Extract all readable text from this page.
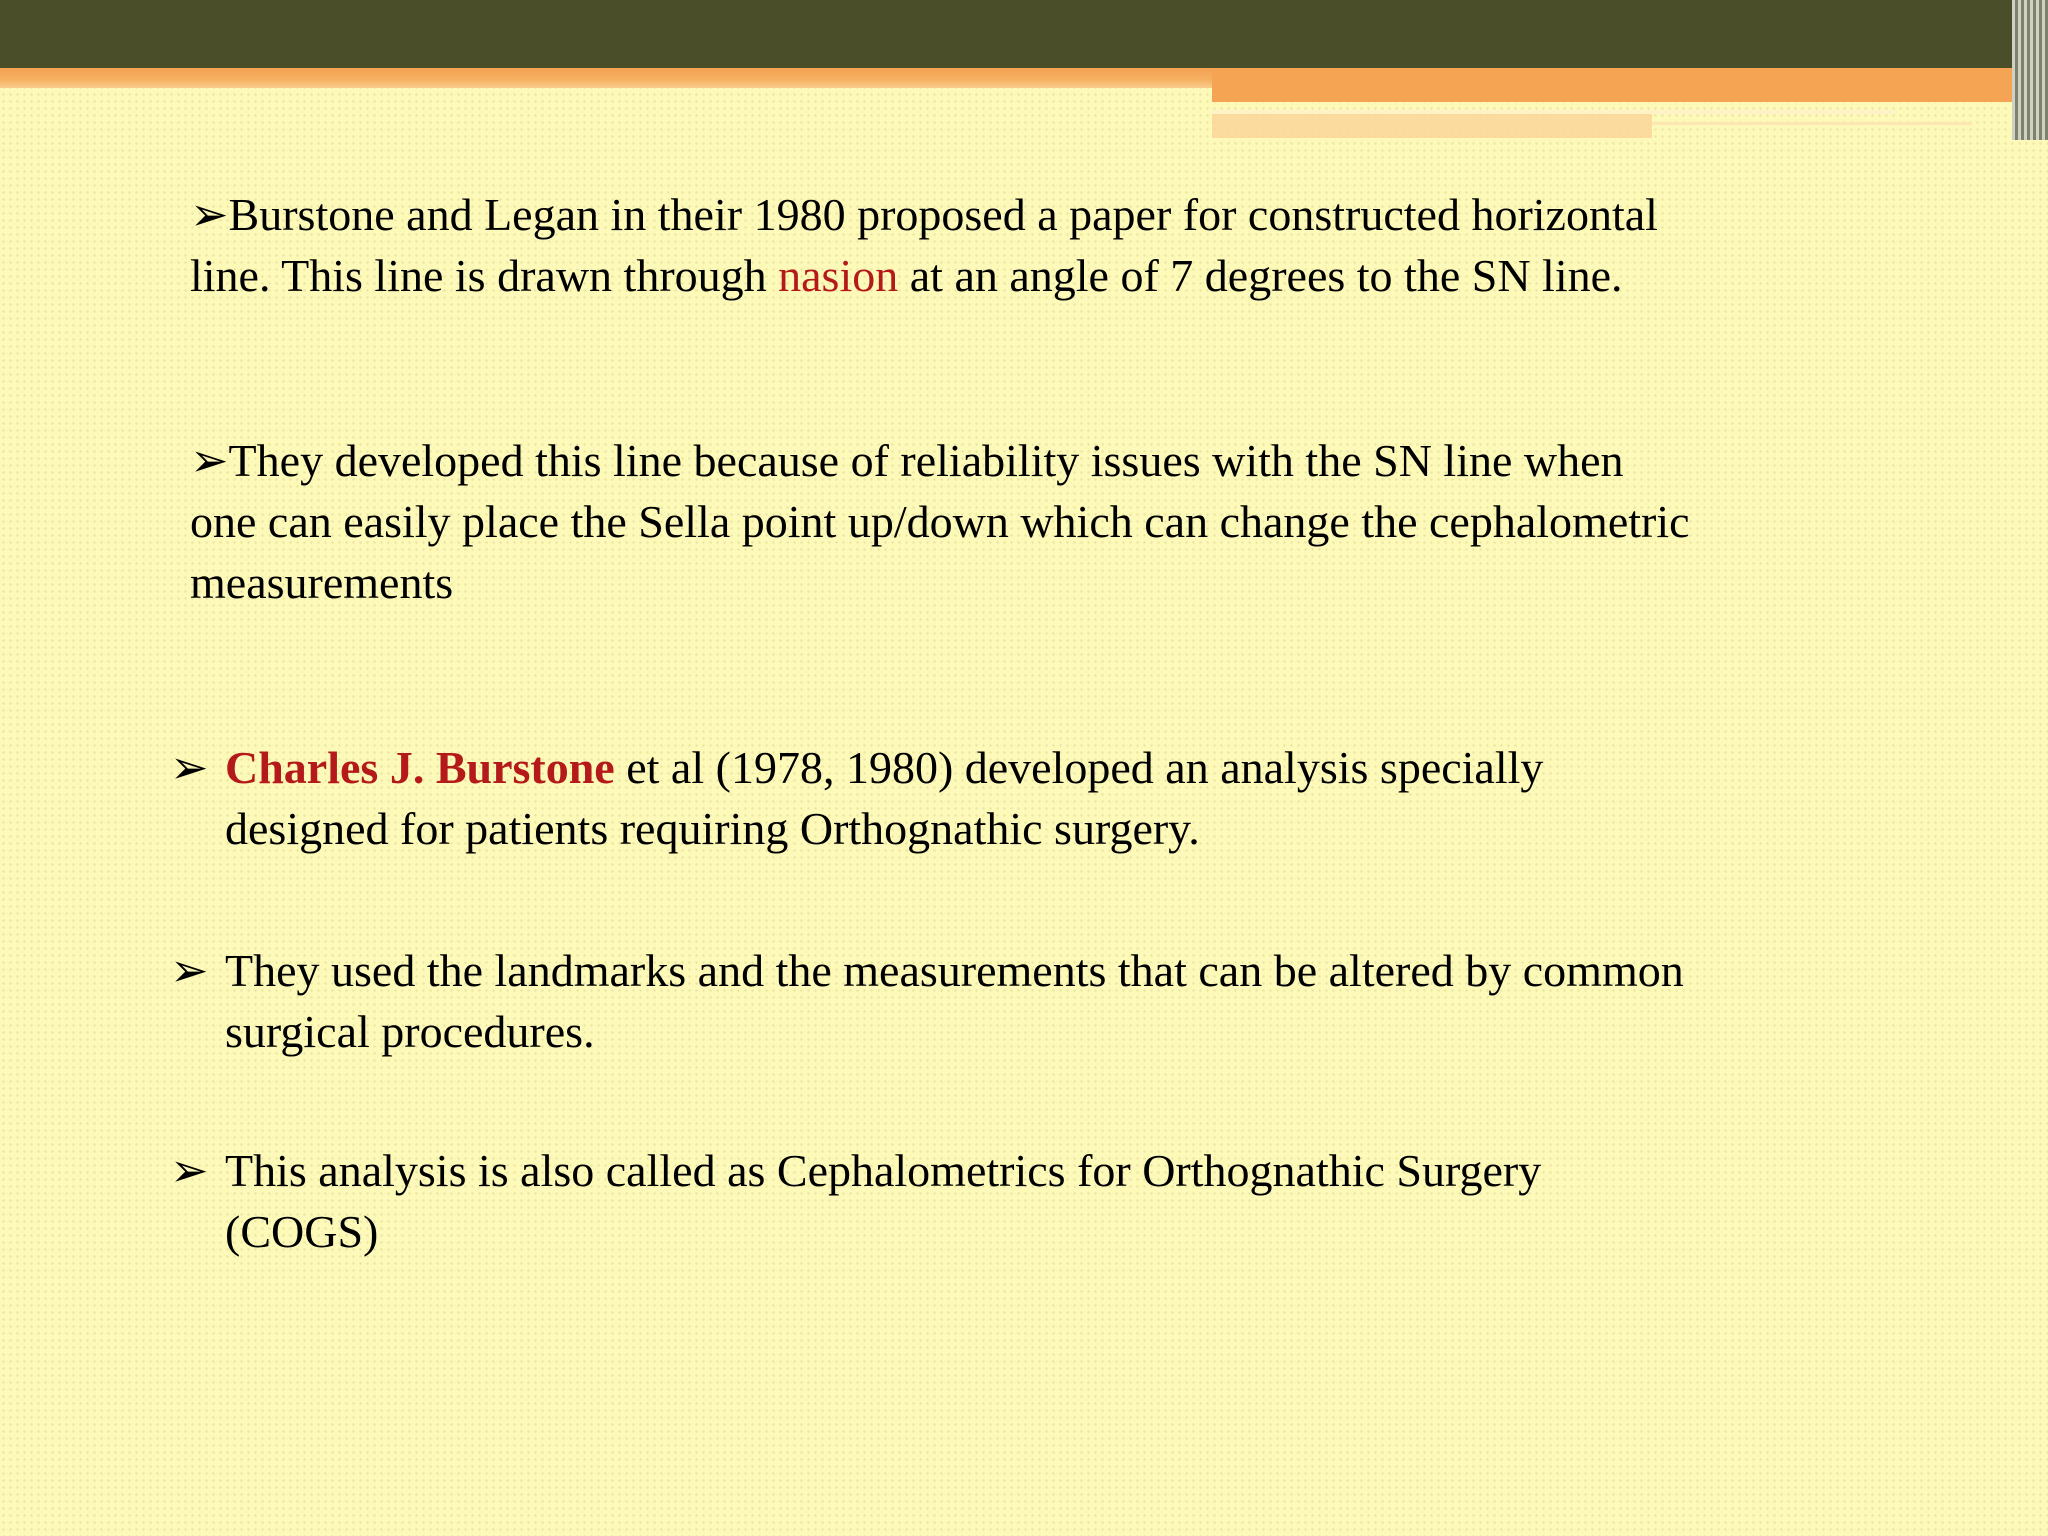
➢Burstone and Legan in their 1980 proposed a paper for constructed horizontal line. This line is drawn through nasion at an angle of 7 degrees to the SN line.
➢They developed this line because of reliability issues with the SN line when one can easily place the Sella point up/down which can change the cephalometric measurements
➢ Charles J. Burstone et al (1978, 1980) developed an analysis specially designed for patients requiring Orthognathic surgery.
➢ They used the landmarks and the measurements that can be altered by common surgical procedures.
➢ This analysis is also called as Cephalometrics for Orthognathic Surgery (COGS)
